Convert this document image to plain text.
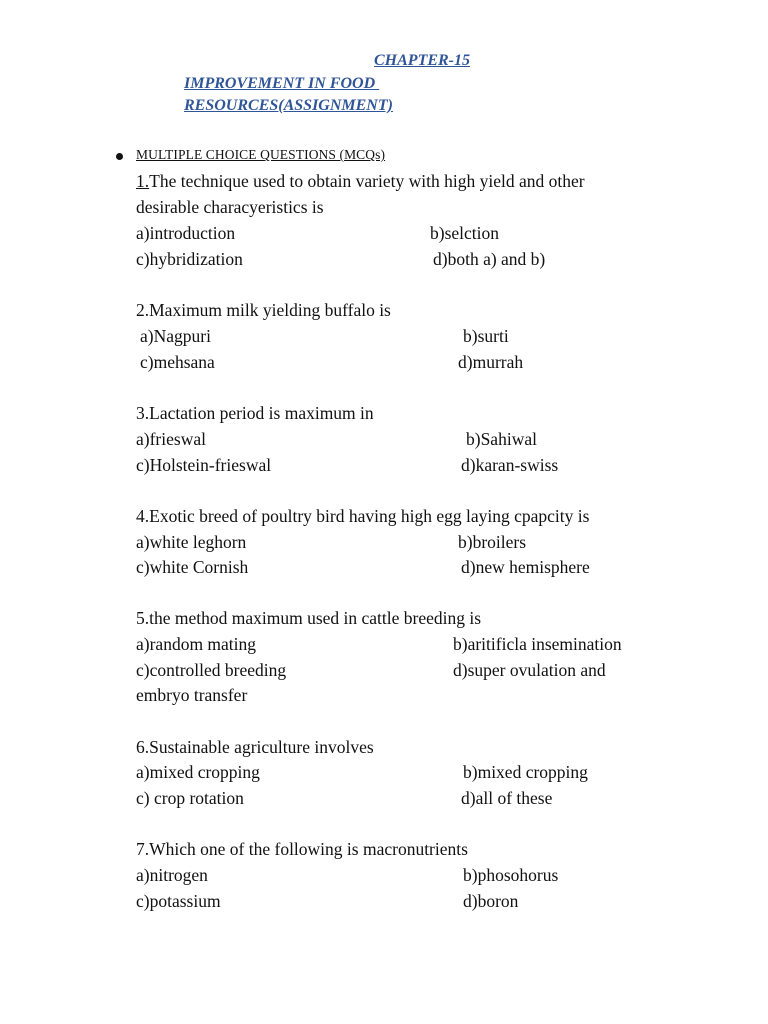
CHAPTER-15
IMPROVEMENT IN FOOD
RESOURCES(ASSIGNMENT)
MULTIPLE CHOICE QUESTIONS (MCQs)
1.The technique used to obtain variety with high yield and other
desirable characyeristics is
a)introduction	b)selction
c)hybridization	d)both a) and b)
2.Maximum milk yielding buffalo is
a)Nagpuri	b)surti
c)mehsana	d)murrah
3.Lactation period is maximum in
a)frieswal	b)Sahiwal
c)Holstein-frieswal	d)karan-swiss
4.Exotic breed of poultry bird having high egg laying cpapcity is
a)white leghorn	b)broilers
c)white Cornish	d)new hemisphere
5.the method maximum used in cattle breeding is
a)random mating	b)aritificla insemination
c)controlled breeding	d)super ovulation and
embryo transfer
6.Sustainable agriculture involves
a)mixed cropping	b)mixed cropping
c) crop rotation	d)all of these
7.Which one of the following is macronutrients
a)nitrogen	b)phosohorus
c)potassium	d)boron
